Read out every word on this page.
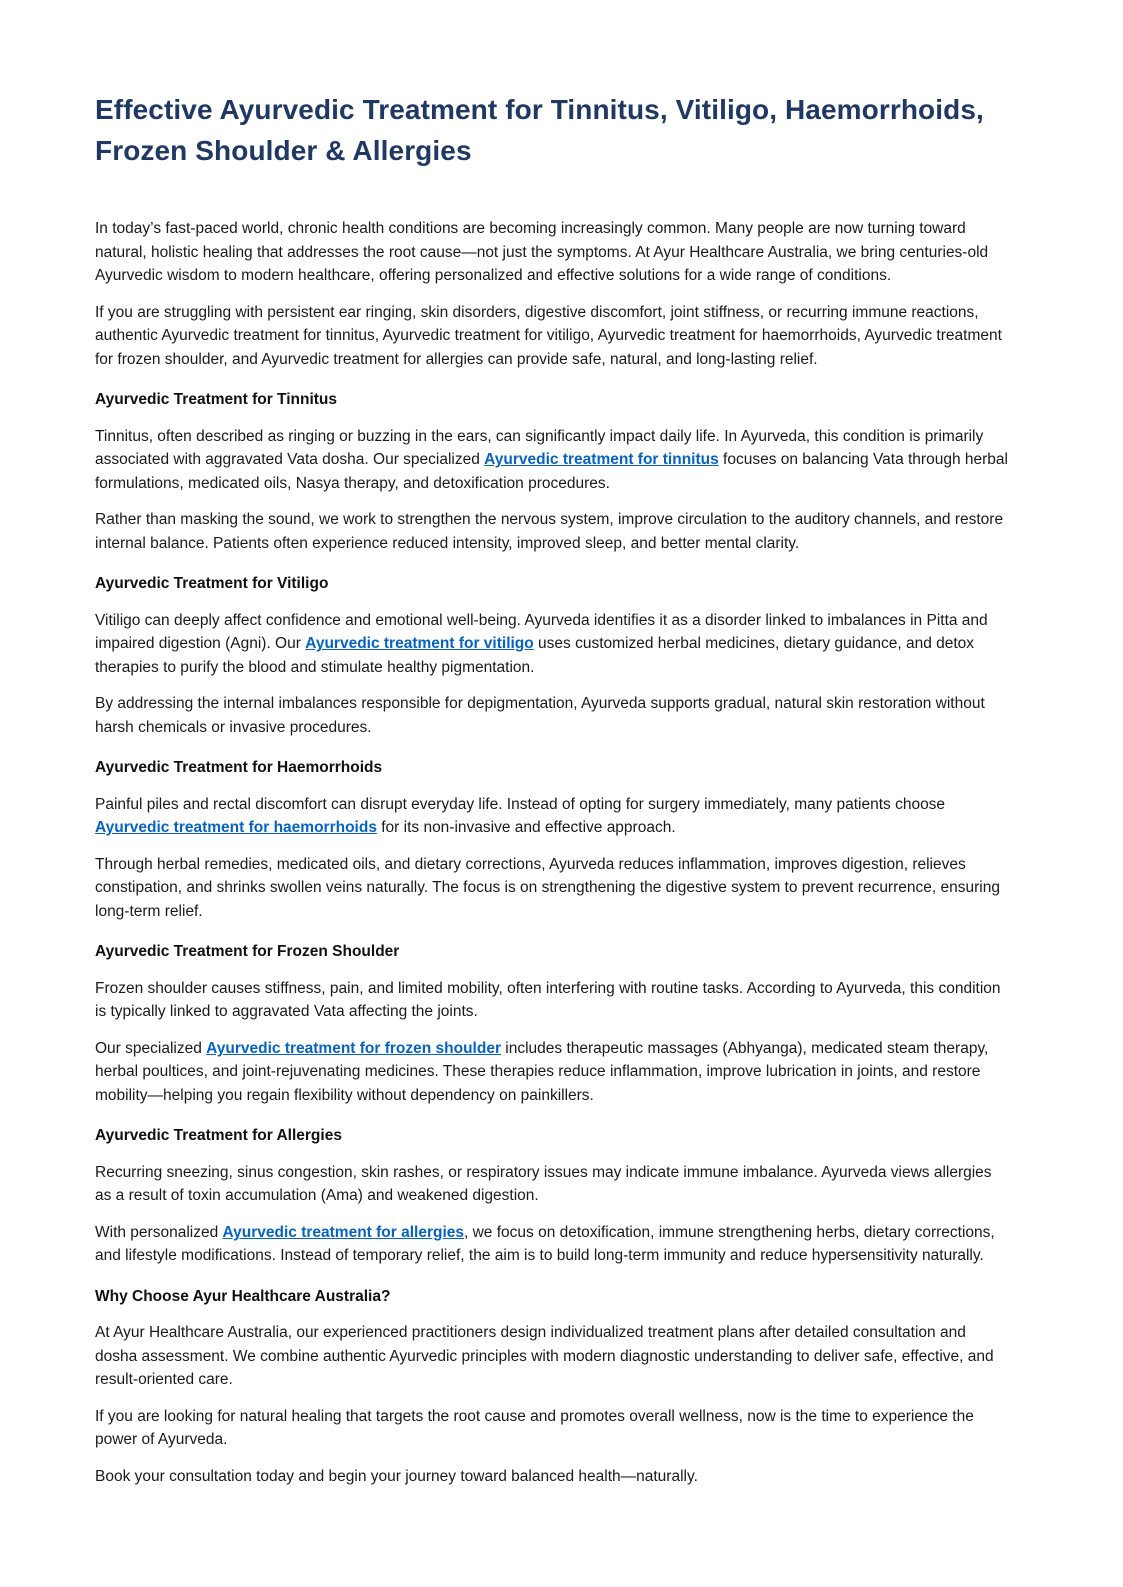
Effective Ayurvedic Treatment for Tinnitus, Vitiligo, Haemorrhoids, Frozen Shoulder & Allergies

In today’s fast-paced world, chronic health conditions are becoming increasingly common. Many people are now turning toward natural, holistic healing that addresses the root cause—not just the symptoms. At Ayur Healthcare Australia, we bring centuries-old Ayurvedic wisdom to modern healthcare, offering personalized and effective solutions for a wide range of conditions.

If you are struggling with persistent ear ringing, skin disorders, digestive discomfort, joint stiffness, or recurring immune reactions, authentic Ayurvedic treatment for tinnitus, Ayurvedic treatment for vitiligo, Ayurvedic treatment for haemorrhoids, Ayurvedic treatment for frozen shoulder, and Ayurvedic treatment for allergies can provide safe, natural, and long-lasting relief.

Ayurvedic Treatment for Tinnitus

Tinnitus, often described as ringing or buzzing in the ears, can significantly impact daily life. In Ayurveda, this condition is primarily associated with aggravated Vata dosha. Our specialized Ayurvedic treatment for tinnitus focuses on balancing Vata through herbal formulations, medicated oils, Nasya therapy, and detoxification procedures.

Rather than masking the sound, we work to strengthen the nervous system, improve circulation to the auditory channels, and restore internal balance. Patients often experience reduced intensity, improved sleep, and better mental clarity.

Ayurvedic Treatment for Vitiligo

Vitiligo can deeply affect confidence and emotional well-being. Ayurveda identifies it as a disorder linked to imbalances in Pitta and impaired digestion (Agni). Our Ayurvedic treatment for vitiligo uses customized herbal medicines, dietary guidance, and detox therapies to purify the blood and stimulate healthy pigmentation.

By addressing the internal imbalances responsible for depigmentation, Ayurveda supports gradual, natural skin restoration without harsh chemicals or invasive procedures.

Ayurvedic Treatment for Haemorrhoids

Painful piles and rectal discomfort can disrupt everyday life. Instead of opting for surgery immediately, many patients choose Ayurvedic treatment for haemorrhoids for its non-invasive and effective approach.

Through herbal remedies, medicated oils, and dietary corrections, Ayurveda reduces inflammation, improves digestion, relieves constipation, and shrinks swollen veins naturally. The focus is on strengthening the digestive system to prevent recurrence, ensuring long-term relief.

Ayurvedic Treatment for Frozen Shoulder

Frozen shoulder causes stiffness, pain, and limited mobility, often interfering with routine tasks. According to Ayurveda, this condition is typically linked to aggravated Vata affecting the joints.

Our specialized Ayurvedic treatment for frozen shoulder includes therapeutic massages (Abhyanga), medicated steam therapy, herbal poultices, and joint-rejuvenating medicines. These therapies reduce inflammation, improve lubrication in joints, and restore mobility—helping you regain flexibility without dependency on painkillers.

Ayurvedic Treatment for Allergies

Recurring sneezing, sinus congestion, skin rashes, or respiratory issues may indicate immune imbalance. Ayurveda views allergies as a result of toxin accumulation (Ama) and weakened digestion.

With personalized Ayurvedic treatment for allergies, we focus on detoxification, immune strengthening herbs, dietary corrections, and lifestyle modifications. Instead of temporary relief, the aim is to build long-term immunity and reduce hypersensitivity naturally.

Why Choose Ayur Healthcare Australia?

At Ayur Healthcare Australia, our experienced practitioners design individualized treatment plans after detailed consultation and dosha assessment. We combine authentic Ayurvedic principles with modern diagnostic understanding to deliver safe, effective, and result-oriented care.

If you are looking for natural healing that targets the root cause and promotes overall wellness, now is the time to experience the power of Ayurveda.

Book your consultation today and begin your journey toward balanced health—naturally.
